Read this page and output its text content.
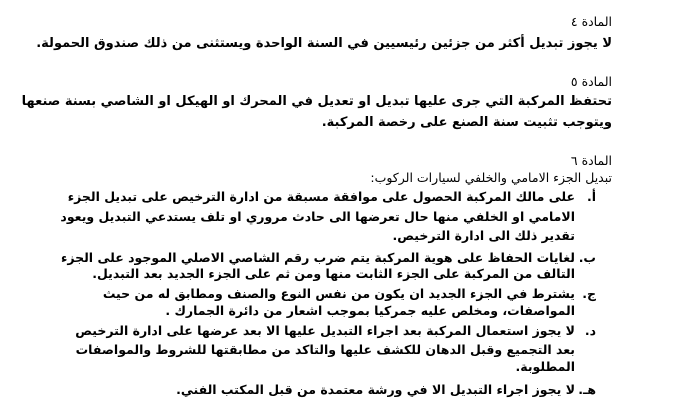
المادة ٤
لا يجوز تبديل أكثر من جزئين رئيسيين في السنة الواحدة ويستثنى من ذلك صندوق الحمولة.
المادة ٥
تحتفظ المركبة التي جرى عليها تبديل او تعديل في المحرك او الهيكل او الشاصي بسنة صنعها
ويتوجب تثبيت سنة الصنع على رخصة المركبة.
المادة ٦
تبديل الجزء الامامي والخلفي لسيارات الركوب:
أ.
على مالك المركبة الحصول على موافقة مسبقة من ادارة الترخيص على تبديل الجزء
الامامي او الخلفي منها حال تعرضها الى حادث مروري او تلف يستدعي التبديل ويعود
تقدير ذلك الى ادارة الترخيص.
ب.
لغايات الحفاظ على هوية المركبة يتم ضرب رقم الشاصي الاصلي الموجود على الجزء
التالف من المركبة على الجزء الثابت منها ومن ثم على الجزء الجديد بعد التبديل.
ج.
يشترط في الجزء الجديد ان يكون من نفس النوع والصنف ومطابق له من حيث
المواصفات، ومخلص عليه جمركيا بموجب اشعار من دائرة الجمارك .
د.
لا يجوز استعمال المركبة بعد اجراء التبديل عليها الا بعد عرضها على ادارة الترخيص
بعد التجميع وقبل الدهان للكشف عليها والتاكد من مطابقتها للشروط والمواصفات
المطلوبة.
هـ.
لا يجوز اجراء التبديل الا في ورشة معتمدة من قبل المكتب الفني.
